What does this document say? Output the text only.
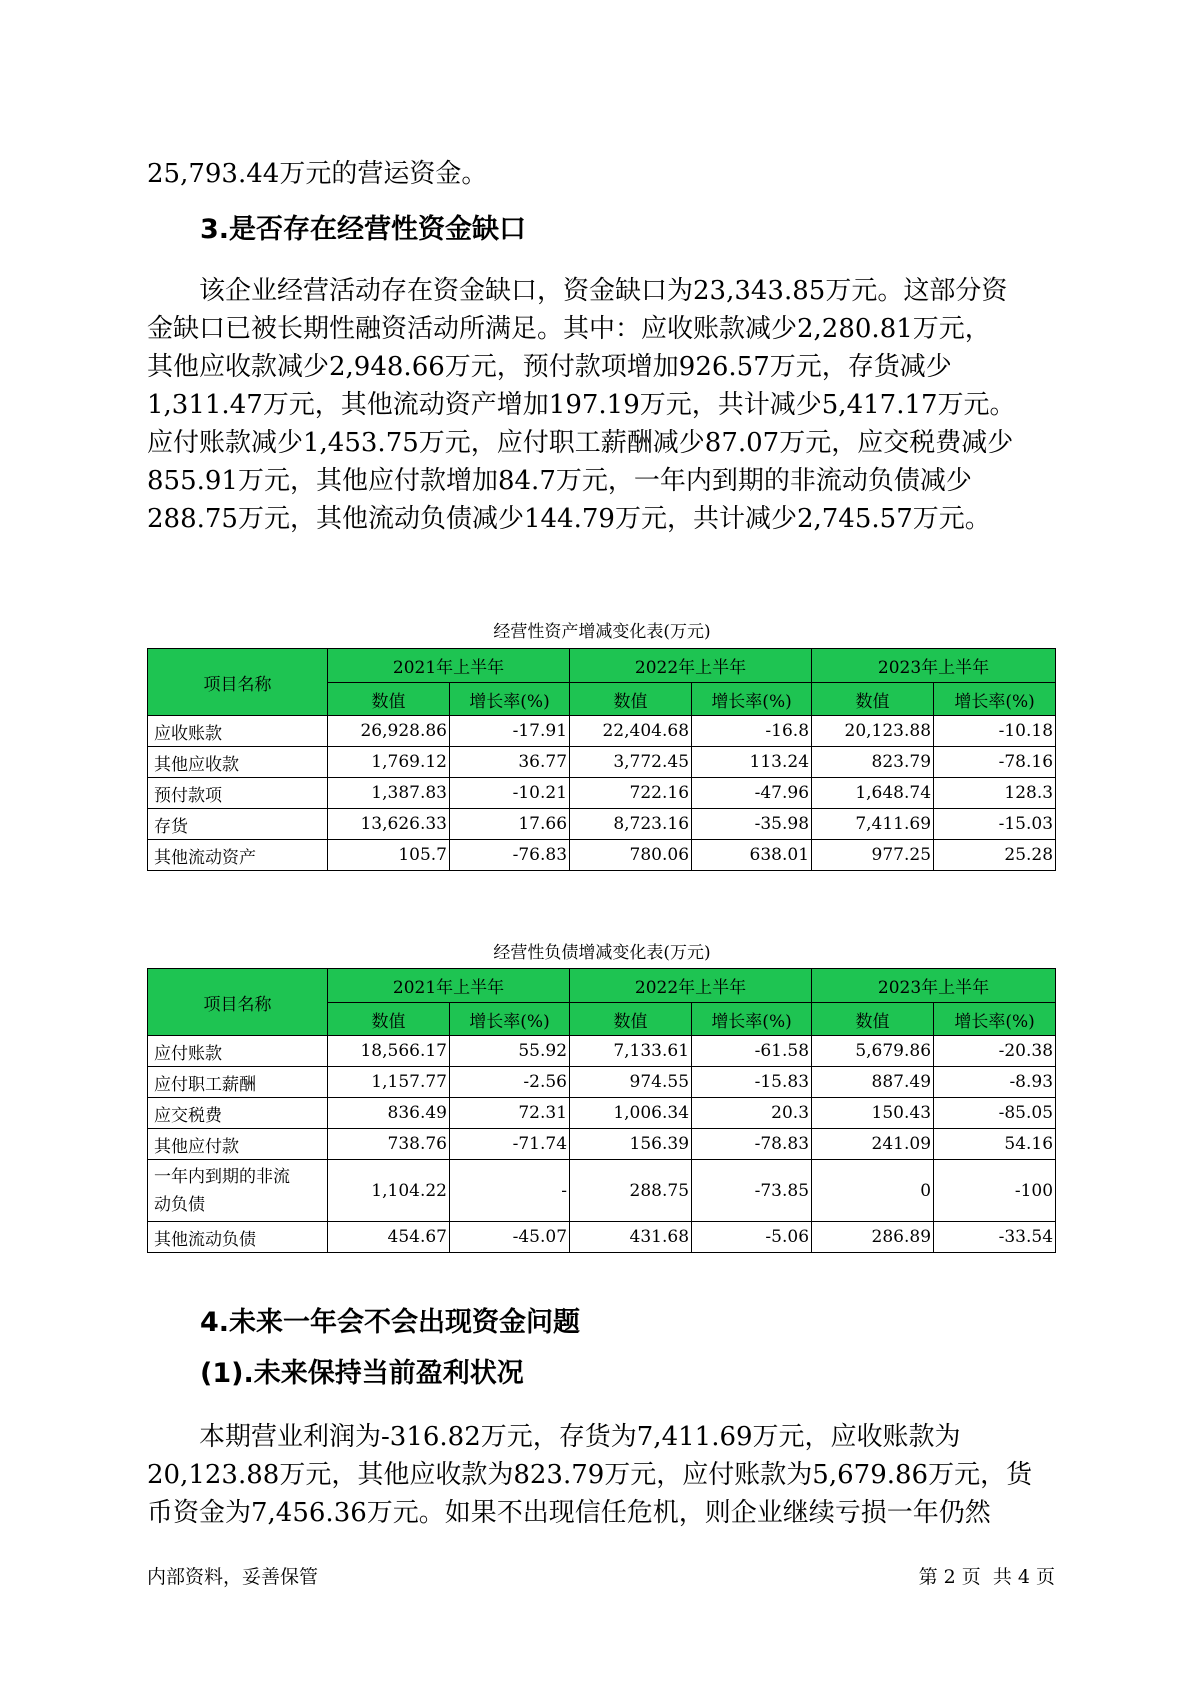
25,793.44万元的营运资金。

3.是否存在经营性资金缺口

该企业经营活动存在资金缺口，资金缺口为23,343.85万元。这部分资
金缺口已被长期性融资活动所满足。其中：应收账款减少2,280.81万元，
其他应收款减少2,948.66万元，预付款项增加926.57万元，存货减少
1,311.47万元，其他流动资产增加197.19万元，共计减少5,417.17万元。
应付账款减少1,453.75万元，应付职工薪酬减少87.07万元，应交税费减少
855.91万元，其他应付款增加84.7万元，一年内到期的非流动负债减少
288.75万元，其他流动负债减少144.79万元，共计减少2,745.57万元。

经营性资产增减变化表(万元)
项目名称	2021年上半年		2022年上半年		2023年上半年	
	数值	增长率(%)	数值	增长率(%)	数值	增长率(%)
应收账款	26,928.86	-17.91	22,404.68	-16.8	20,123.88	-10.18
其他应收款	1,769.12	36.77	3,772.45	113.24	823.79	-78.16
预付款项	1,387.83	-10.21	722.16	-47.96	1,648.74	128.3
存货	13,626.33	17.66	8,723.16	-35.98	7,411.69	-15.03
其他流动资产	105.7	-76.83	780.06	638.01	977.25	25.28
经营性负债增减变化表(万元)
项目名称	2021年上半年		2022年上半年		2023年上半年	
	数值	增长率(%)	数值	增长率(%)	数值	增长率(%)
应付账款	18,566.17	55.92	7,133.61	-61.58	5,679.86	-20.38
应付职工薪酬	1,157.77	-2.56	974.55	-15.83	887.49	-8.93
应交税费	836.49	72.31	1,006.34	20.3	150.43	-85.05
其他应付款	738.76	-71.74	156.39	-78.83	241.09	54.16

一年内到期的非流
动负债	1,104.22	-	288.75	-73.85	0	-100
其他流动负债	454.67	-45.07	431.68	-5.06	286.89	-33.54
4.未来一年会不会出现资金问题
(1).未来保持当前盈利状况

本期营业利润为-316.82万元，存货为7,411.69万元，应收账款为
20,123.88万元，其他应收款为823.79万元，应付账款为5,679.86万元，货
币资金为7,456.36万元。如果不出现信任危机，则企业继续亏损一年仍然

内部资料，妥善保管	第 2 页  共 4 页
